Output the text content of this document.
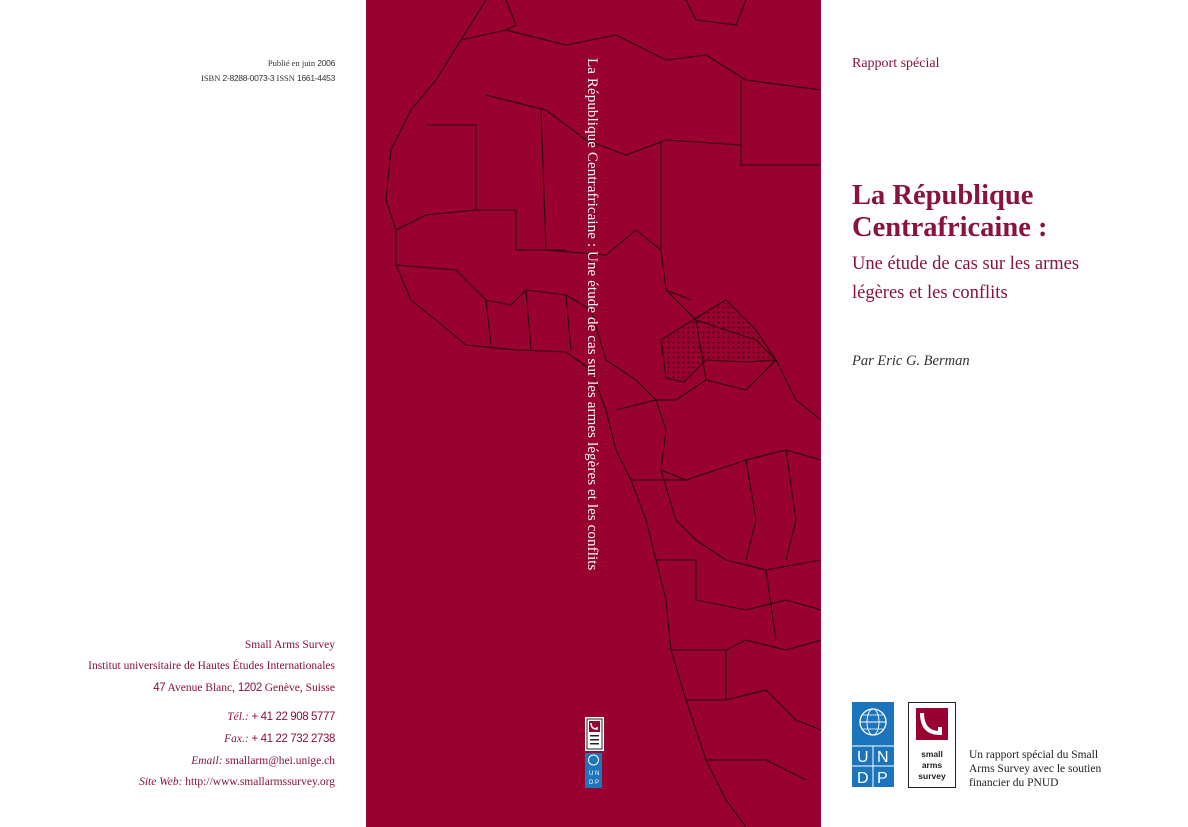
Publié en juin 2006
ISBN 2-8288-0073-3 ISSN 1661-4453
Small Arms Survey
Institut universitaire de Hautes Études Internationales
47 Avenue Blanc, 1202 Genève, Suisse
Tél.: + 41 22 908 5777
Fax.: + 41 22 732 2738
Email: smallarm@hei.unige.ch
Site Web: http://www.smallarmssurvey.org
La République Centrafricaine : Une étude de cas sur les armes légères et les conflits
U N
D P
Rapport spécial
La République
Centrafricaine :
Une étude de cas sur les armes
légères et les conflits
Par Eric G. Berman
U N
D P
small
arms
survey
Un rapport spécial du Small
Arms Survey avec le soutien
financier du PNUD
